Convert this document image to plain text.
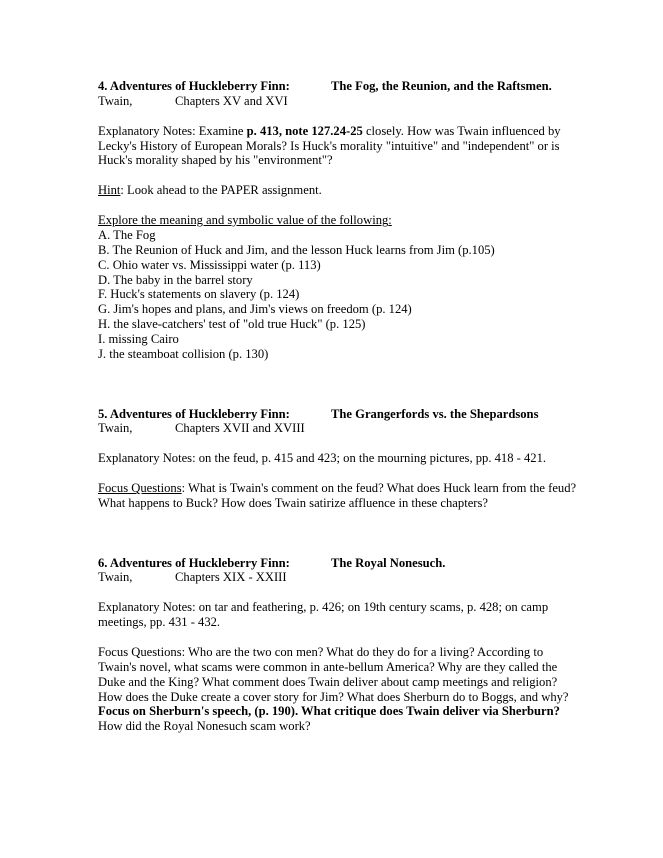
4. Adventures of Huckleberry Finn:	The Fog, the Reunion, and the Raftsmen.
Twain,	Chapters XV and XVI
Explanatory Notes: Examine p. 413, note 127.24-25 closely. How was Twain influenced by
Lecky's History of European Morals? Is Huck's morality "intuitive" and "independent" or is
Huck's morality shaped by his "environment"?
Hint: Look ahead to the PAPER assignment.
Explore the meaning and symbolic value of the following:
A. The Fog
B. The Reunion of Huck and Jim, and the lesson Huck learns from Jim (p.105)
C. Ohio water vs. Mississippi water (p. 113)
D. The baby in the barrel story
F. Huck's statements on slavery (p. 124)
G. Jim's hopes and plans, and Jim's views on freedom (p. 124)
H. the slave-catchers' test of "old true Huck" (p. 125)
I. missing Cairo
J. the steamboat collision (p. 130)
5. Adventures of Huckleberry Finn:	The Grangerfords vs. the Shepardsons
Twain,	Chapters XVII and XVIII
Explanatory Notes: on the feud, p. 415 and 423; on the mourning pictures, pp. 418 - 421.
Focus Questions: What is Twain's comment on the feud? What does Huck learn from the feud?
What happens to Buck? How does Twain satirize affluence in these chapters?
6. Adventures of Huckleberry Finn:	The Royal Nonesuch.
Twain,	Chapters XIX - XXIII
Explanatory Notes: on tar and feathering, p. 426; on 19th century scams, p. 428; on camp
meetings, pp. 431 - 432.
Focus Questions: Who are the two con men? What do they do for a living? According to
Twain's novel, what scams were common in ante-bellum America? Why are they called the
Duke and the King? What comment does Twain deliver about camp meetings and religion?
How does the Duke create a cover story for Jim? What does Sherburn do to Boggs, and why?
Focus on Sherburn's speech, (p. 190). What critique does Twain deliver via Sherburn?
How did the Royal Nonesuch scam work?
